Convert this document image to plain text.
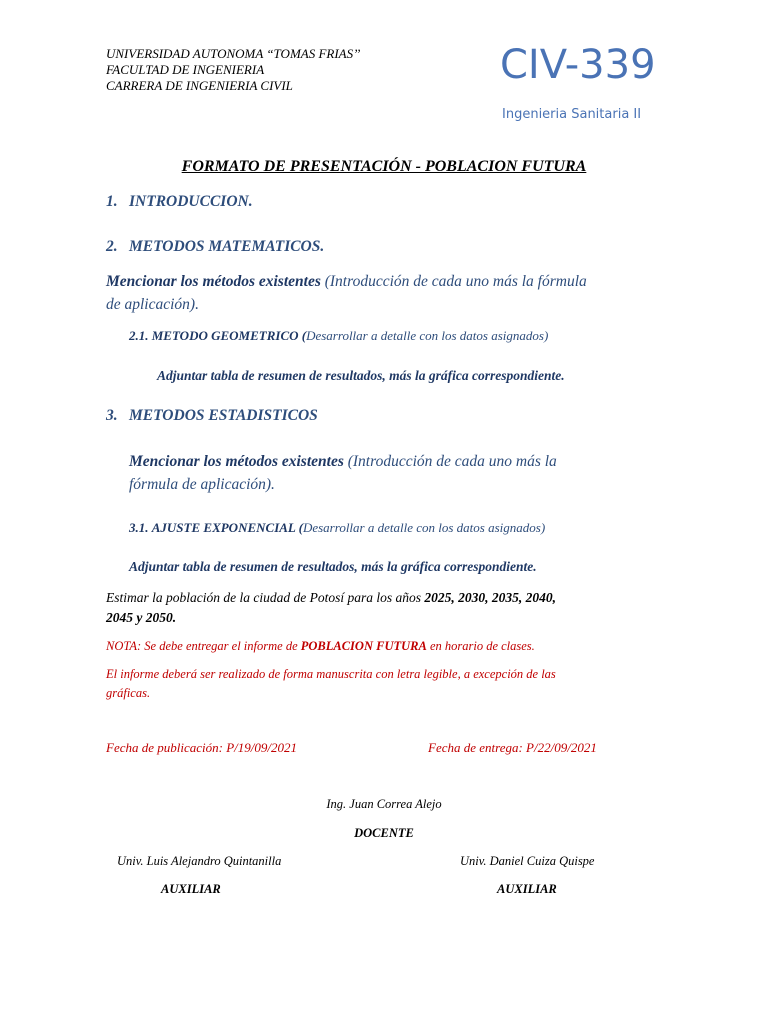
UNIVERSIDAD AUTONOMA “TOMAS FRIAS’’
FACULTAD DE INGENIERIA
CARRERA DE INGENIERIA CIVIL	CIV-339
Ingenieria Sanitaria II
FORMATO DE PRESENTACIÓN - POBLACION FUTURA
1. INTRODUCCION.
2. METODOS MATEMATICOS.
Mencionar los métodos existentes (Introducción de cada uno más la fórmula
de aplicación).
2.1. METODO GEOMETRICO (Desarrollar a detalle con los datos asignados)
Adjuntar tabla de resumen de resultados, más la gráfica correspondiente.
3. METODOS ESTADISTICOS
Mencionar los métodos existentes (Introducción de cada uno más la
fórmula de aplicación).
3.1. AJUSTE EXPONENCIAL (Desarrollar a detalle con los datos asignados)
Adjuntar tabla de resumen de resultados, más la gráfica correspondiente.
Estimar la población de la ciudad de Potosí para los años 2025, 2030, 2035, 2040,
2045 y 2050.
NOTA: Se debe entregar el informe de POBLACION FUTURA en horario de clases.
El informe deberá ser realizado de forma manuscrita con letra legible, a excepción de las
gráficas.
Fecha de publicación: P/19/09/2021	Fecha de entrega: P/22/09/2021
Ing. Juan Correa Alejo
DOCENTE
Univ. Luis Alejandro Quintanilla
AUXILIAR
Univ. Daniel Cuiza Quispe
AUXILIAR
